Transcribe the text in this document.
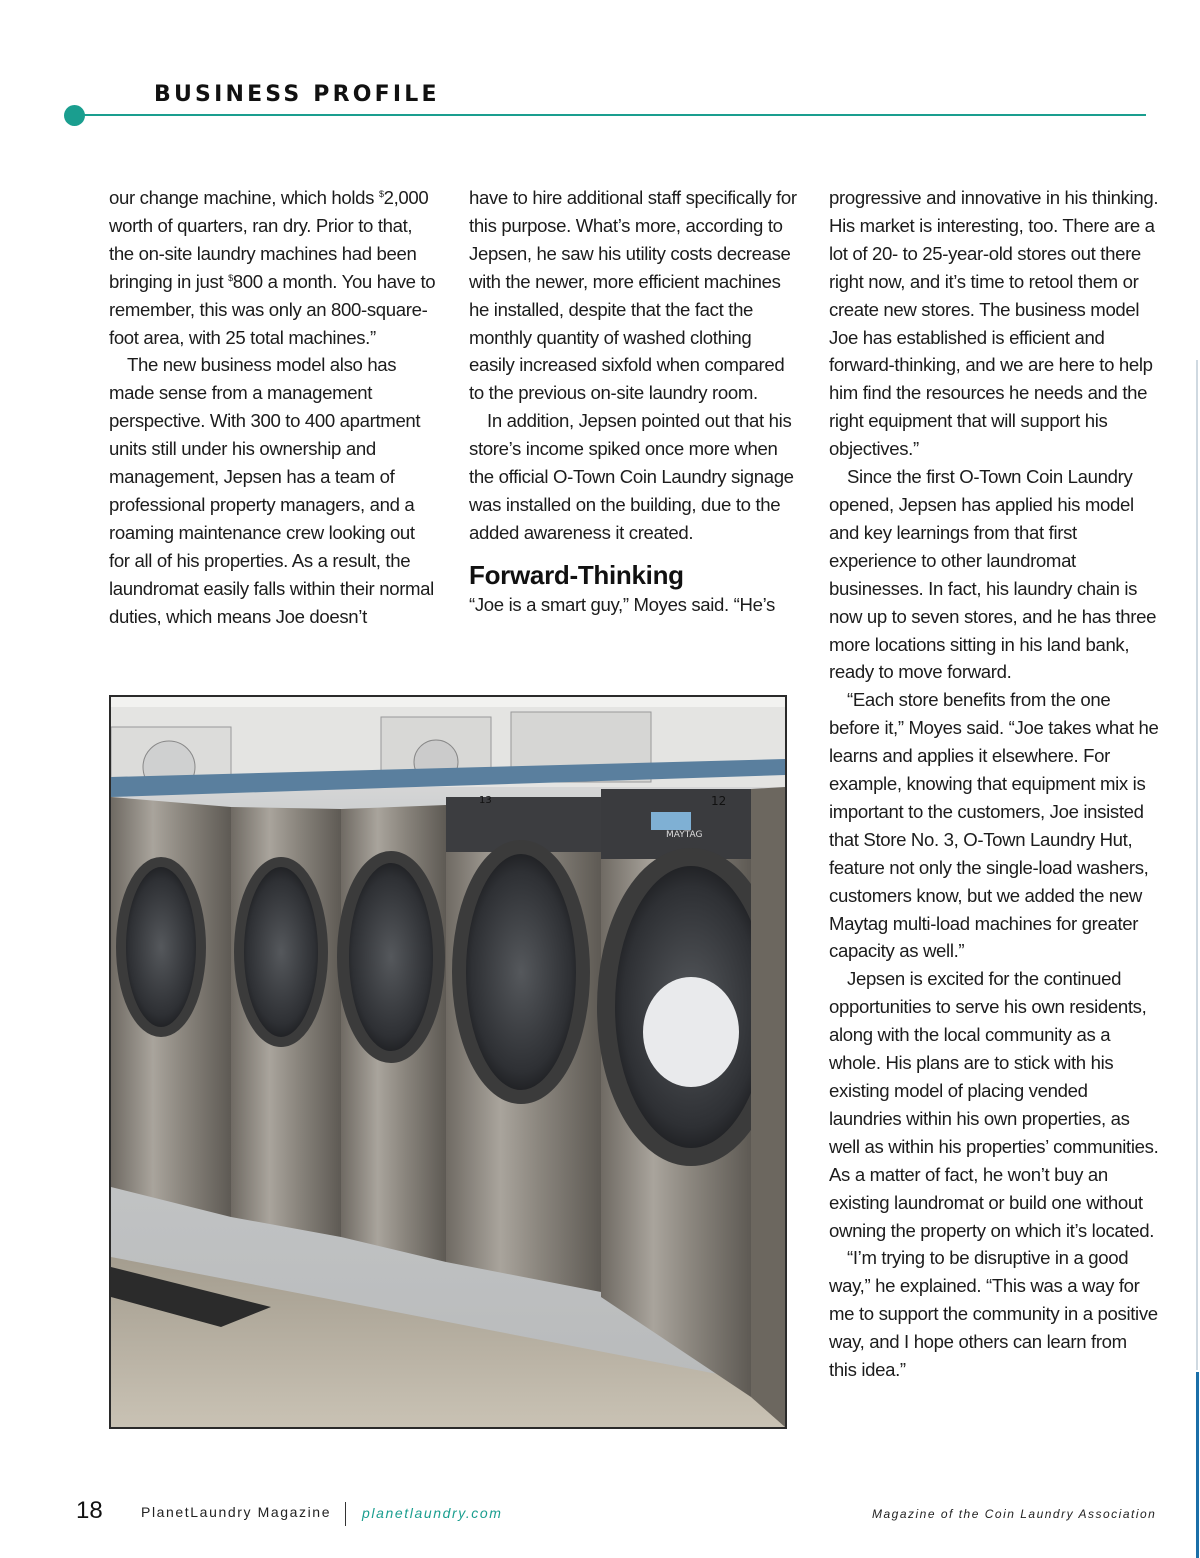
BUSINESS PROFILE

our change machine, which holds $2,000 worth of quarters, ran dry. Prior to that, the on-site laundry machines had been bringing in just $800 a month. You have to remember, this was only an 800-square-foot area, with 25 total machines.”

The new business model also has made sense from a management perspective. With 300 to 400 apartment units still under his ownership and management, Jepsen has a team of professional property managers, and a roaming maintenance crew looking out for all of his properties. As a result, the laundromat easily falls within their normal duties, which means Joe doesn’t

have to hire additional staff specifically for this purpose. What’s more, according to Jepsen, he saw his utility costs decrease with the newer, more efficient machines he installed, despite that the fact the monthly quantity of washed clothing easily increased sixfold when compared to the previous on-site laundry room.

In addition, Jepsen pointed out that his store’s income spiked once more when the official O-Town Coin Laundry signage was installed on the building, due to the added awareness it created.

Forward-Thinking

“Joe is a smart guy,” Moyes said. “He’s

progressive and innovative in his thinking. His market is interesting, too. There are a lot of 20- to 25-year-old stores out there right now, and it’s time to retool them or create new stores. The business model Joe has established is efficient and forward-thinking, and we are here to help him find the resources he needs and the right equipment that will support his objectives.”

Since the first O-Town Coin Laundry opened, Jepsen has applied his model and key learnings from that first experience to other laundromat businesses. In fact, his laundry chain is now up to seven stores, and he has three more locations sitting in his land bank, ready to move forward.

“Each store benefits from the one before it,” Moyes said. “Joe takes what he learns and applies it elsewhere. For example, knowing that equipment mix is important to the customers, Joe insisted that Store No. 3, O-Town Laundry Hut, feature not only the single-load washers, customers know, but we added the new Maytag multi-load machines for greater capacity as well.”

Jepsen is excited for the continued opportunities to serve his own residents, along with the local community as a whole. His plans are to stick with his existing model of placing vended laundries within his own properties, as well as within his properties’ communities. As a matter of fact, he won’t buy an existing laundromat or build one without owning the property on which it’s located.

“I’m trying to be disruptive in a good way,” he explained. “This was a way for me to support the community in a positive way, and I hope others can learn from this idea.”

MAYTAG
12
13
18	PlanetLaundry Magazine planetlaundry.com	Magazine of the Coin Laundry Association
